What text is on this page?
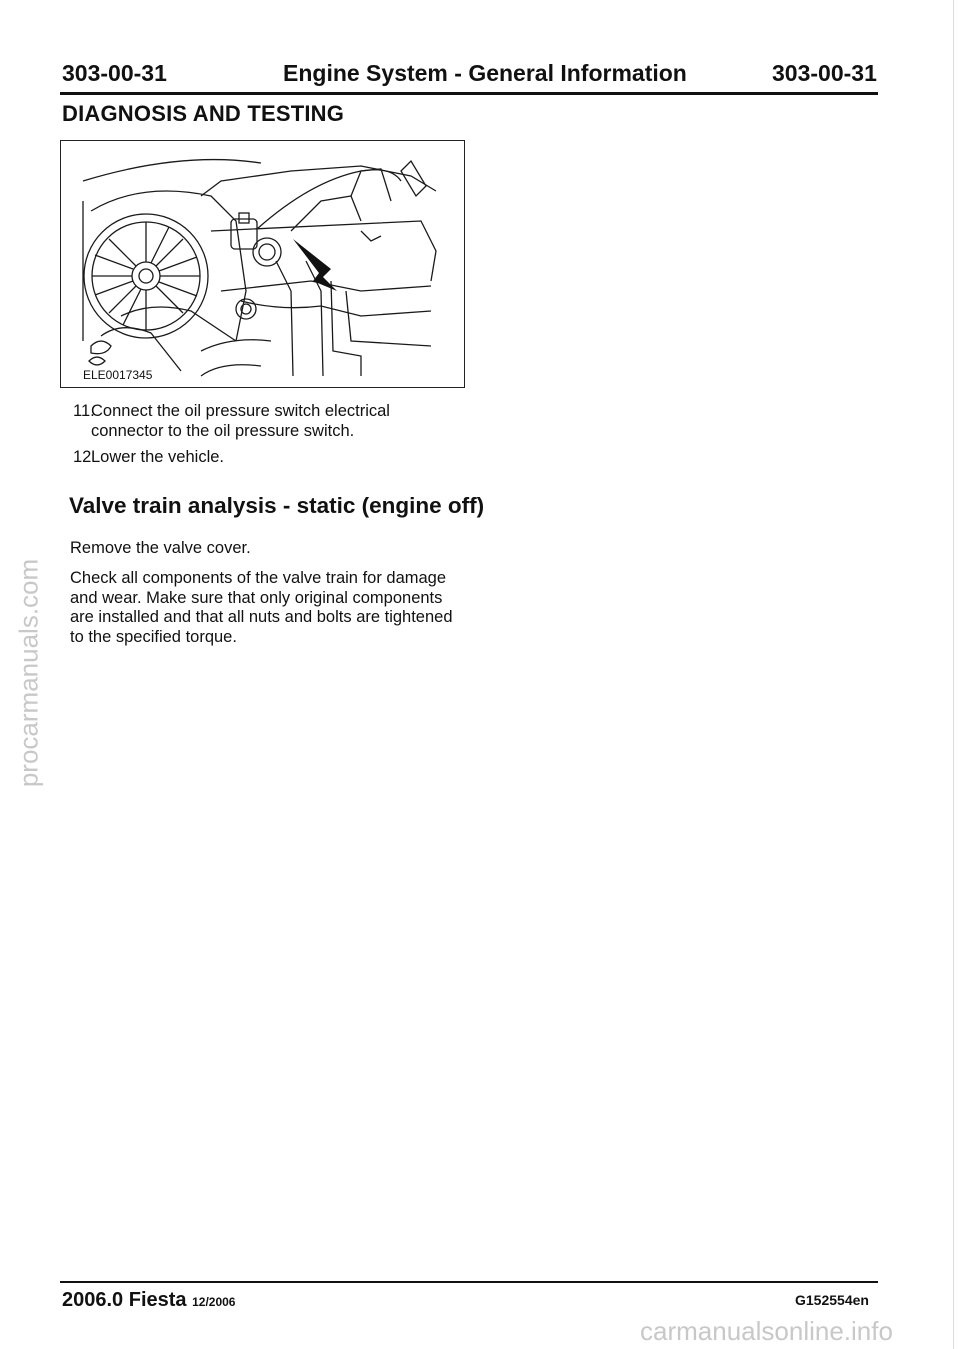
303-00-31	Engine System - General Information	303-00-31
DIAGNOSIS AND TESTING
ELE0017345
11.Connect the oil pressure switch electrical
connector to the oil pressure switch.
12Lower the vehicle.
Valve train analysis - static (engine off)
Remove the valve cover.
Check all components of the valve train for damage and wear. Make sure that only original components are installed and that all nuts and bolts are tightened to the specified torque.
procarmanuals.com
2006.0 Fiesta 12/2006	G152554en
carmanualsonline.info
